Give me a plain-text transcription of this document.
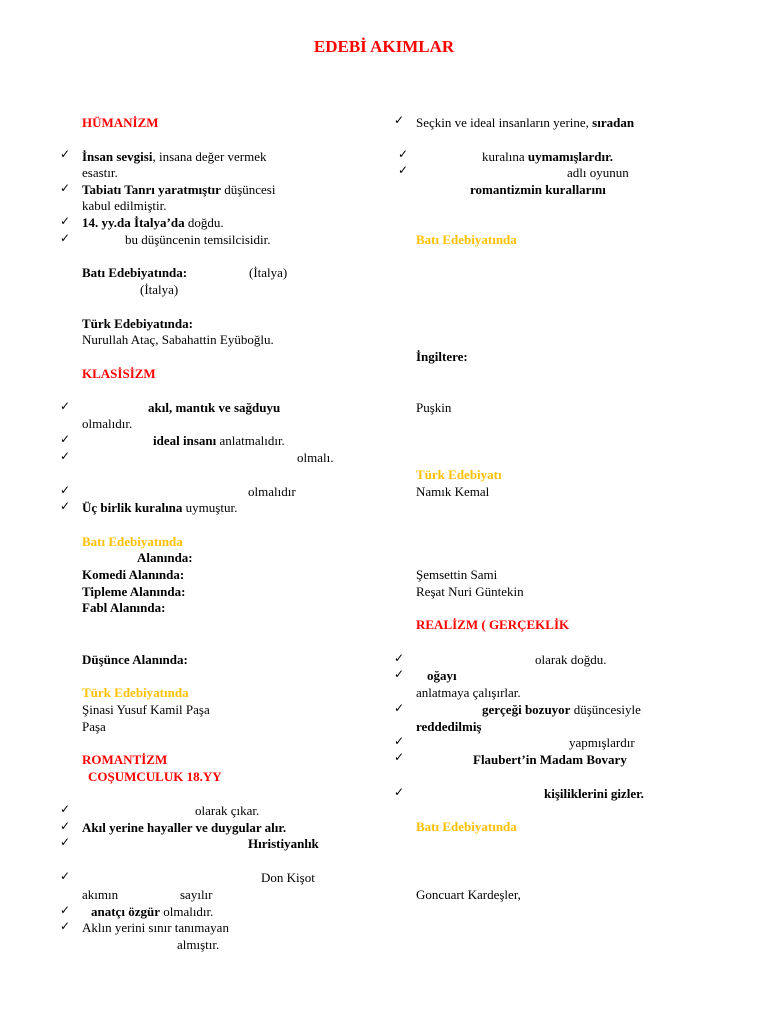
EDEBİ AKIMLAR
HÜMANİZM
✓ İnsan sevgisi, insana değer vermek
esastır.
✓ Tabiatı Tanrı yaratmıştır düşüncesi
kabul edilmiştir.
✓ 14. yy.da İtalya’da doğdu.
✓	bu düşüncenin temsilcisidir.
Batı Edebiyatında:	(İtalya)
(İtalya)
Türk Edebiyatında:
Nurullah Ataç, Sabahattin Eyüboğlu.
KLASİSİZM
✓	akıl, mantık ve sağduyu
olmalıdır.
✓	ideal insanı anlatmalıdır.
✓	olmalı.
✓	olmalıdır
✓ Üç birlik kuralına uymuştur.
Batı Edebiyatında
Alanında:
Komedi Alanında:
Tipleme Alanında:
Fabl Alanında:
Düşünce Alanında:
Türk Edebiyatında
Şinasi Yusuf Kamil Paşa
Paşa
ROMANTİZM
COŞUMCULUK 18.YY
✓	olarak çıkar.
✓ Akıl yerine hayaller ve duygular alır.
✓	Hıristiyanlık
✓	Don Kişot
akımın	sayılır
✓ anatçı özgür olmalıdır.
✓ Aklın yerini sınır tanımayan
almıştır.
✓ Seçkin ve ideal insanların yerine, sıradan
✓	kuralına uymamışlardır.
✓	adlı oyunun
romantizmin kurallarını
Batı Edebiyatında
İngiltere:
Puşkin
Türk Edebiyatı
Namık Kemal
Şemsettin Sami
Reşat Nuri Güntekin
REALİZM ( GERÇEKLİK
✓	olarak doğdu.
✓ oğayı
anlatmaya çalışırlar.
✓	gerçeği bozuyor düşüncesiyle
reddedilmiş
✓	yapmışlardır
✓	Flaubert’in Madam Bovary
✓	kişiliklerini gizler.
Batı Edebiyatında
Goncuart Kardeşler,
